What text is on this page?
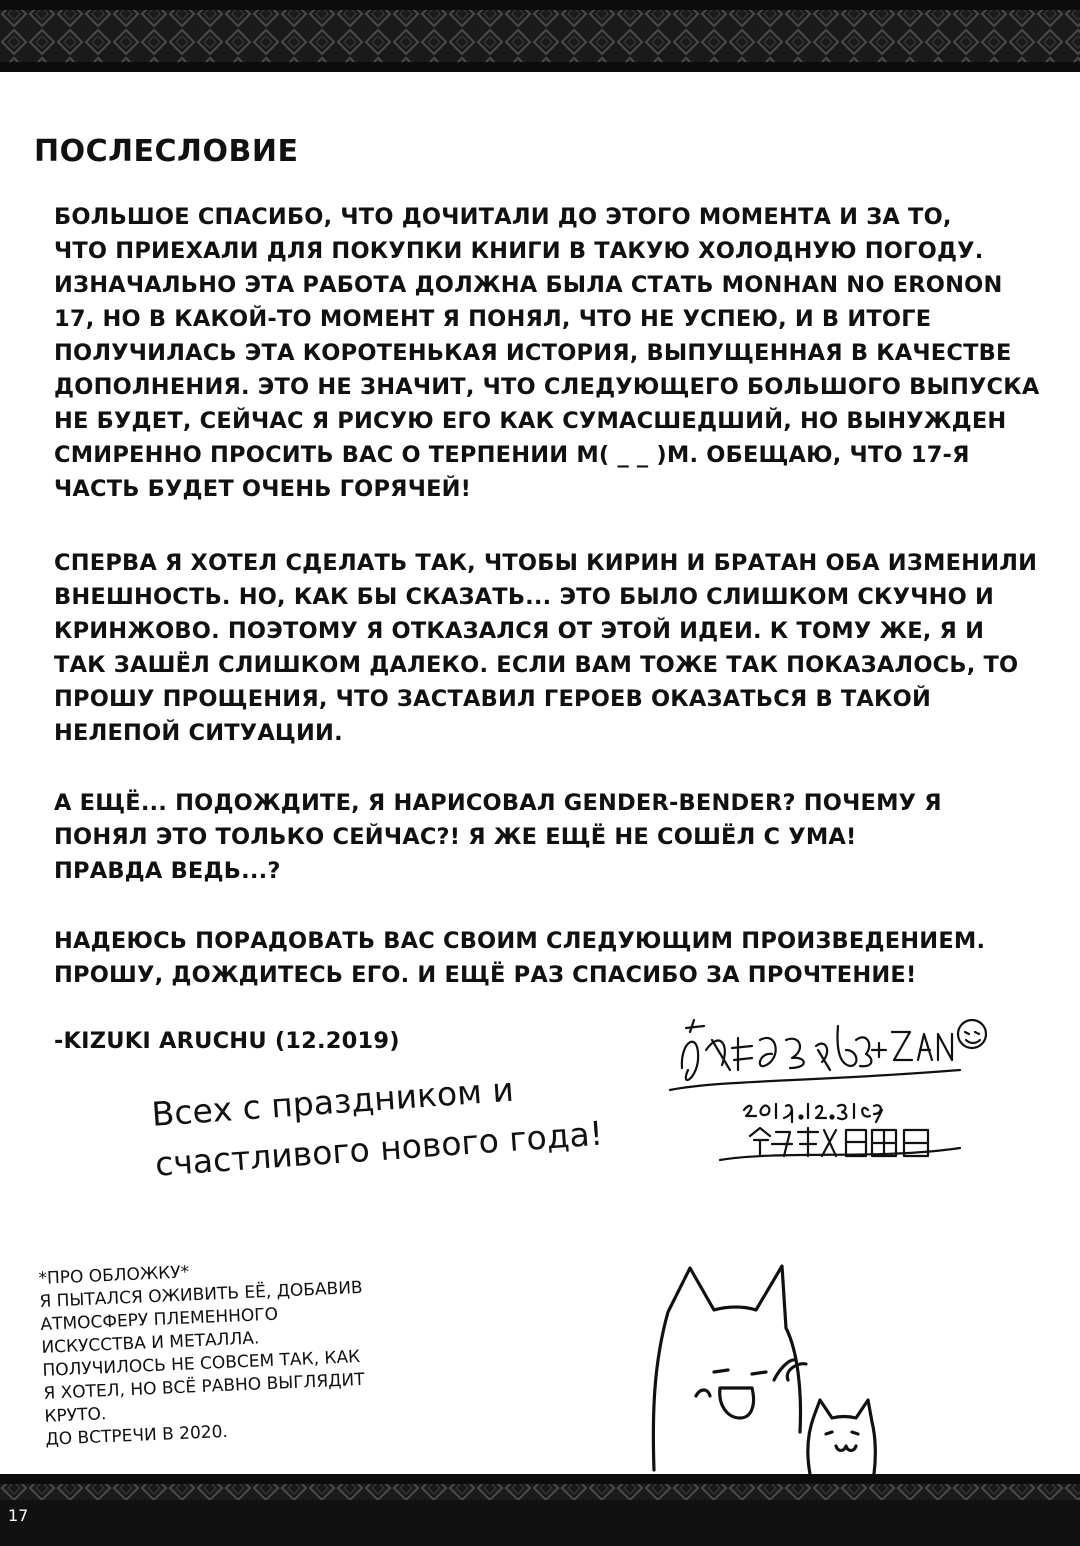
ПОСЛЕСЛОВИЕ

БОЛЬШОЕ СПАСИБО, ЧТО ДОЧИТАЛИ ДО ЭТОГО МОМЕНТА И ЗА ТО,
ЧТО ПРИЕХАЛИ ДЛЯ ПОКУПКИ КНИГИ В ТАКУЮ ХОЛОДНУЮ ПОГОДУ.
ИЗНАЧАЛЬНО ЭТА РАБОТА ДОЛЖНА БЫЛА СТАТЬ MONHAN NO ERONON
17, НО В КАКОЙ-ТО МОМЕНТ Я ПОНЯЛ, ЧТО НЕ УСПЕЮ, И В ИТОГЕ
ПОЛУЧИЛАСЬ ЭТА КОРОТЕНЬКАЯ ИСТОРИЯ, ВЫПУЩЕННАЯ В КАЧЕСТВЕ
ДОПОЛНЕНИЯ. ЭТО НЕ ЗНАЧИТ, ЧТО СЛЕДУЮЩЕГО БОЛЬШОГО ВЫПУСКА
НЕ БУДЕТ, СЕЙЧАС Я РИСУЮ ЕГО КАК СУМАСШЕДШИЙ, НО ВЫНУЖДЕН
СМИРЕННО ПРОСИТЬ ВАС О ТЕРПЕНИИ М( _ _ )М. ОБЕЩАЮ, ЧТО 17-Я
ЧАСТЬ БУДЕТ ОЧЕНЬ ГОРЯЧЕЙ!

СПЕРВА Я ХОТЕЛ СДЕЛАТЬ ТАК, ЧТОБЫ КИРИН И БРАТАН ОБА ИЗМЕНИЛИ
ВНЕШНОСТЬ. НО, КАК БЫ СКАЗАТЬ... ЭТО БЫЛО СЛИШКОМ СКУЧНО И
КРИНЖОВО. ПОЭТОМУ Я ОТКАЗАЛСЯ ОТ ЭТОЙ ИДЕИ. К ТОМУ ЖЕ, Я И
ТАК ЗАШЁЛ СЛИШКОМ ДАЛЕКО. ЕСЛИ ВАМ ТОЖЕ ТАК ПОКАЗАЛОСЬ, ТО
ПРОШУ ПРОЩЕНИЯ, ЧТО ЗАСТАВИЛ ГЕРОЕВ ОКАЗАТЬСЯ В ТАКОЙ
НЕЛЕПОЙ СИТУАЦИИ.

А ЕЩЁ... ПОДОЖДИТЕ, Я НАРИСОВАЛ GENDER-BENDER? ПОЧЕМУ Я
ПОНЯЛ ЭТО ТОЛЬКО СЕЙЧАС?! Я ЖЕ ЕЩЁ НЕ СОШЁЛ С УМА!
ПРАВДА ВЕДЬ...?

НАДЕЮСЬ ПОРАДОВАТЬ ВАС СВОИМ СЛЕДУЮЩИМ ПРОИЗВЕДЕНИЕМ.
ПРОШУ, ДОЖДИТЕСЬ ЕГО. И ЕЩЁ РАЗ СПАСИБО ЗА ПРОЧТЕНИЕ!

-KIZUKI ARUCHU (12.2019)

Всех с праздником и
счастливого нового года!

*ПРО ОБЛОЖКУ*
Я ПЫТАЛСЯ ОЖИВИТЬ ЕЁ, ДОБАВИВ
АТМОСФЕРУ ПЛЕМЕННОГО
ИСКУССТВА И МЕТАЛЛА.
ПОЛУЧИЛОСЬ НЕ СОВСЕМ ТАК, КАК
Я ХОТЕЛ, НО ВСЁ РАВНО ВЫГЛЯДИТ
КРУТО.
ДО ВСТРЕЧИ В 2020.

17
